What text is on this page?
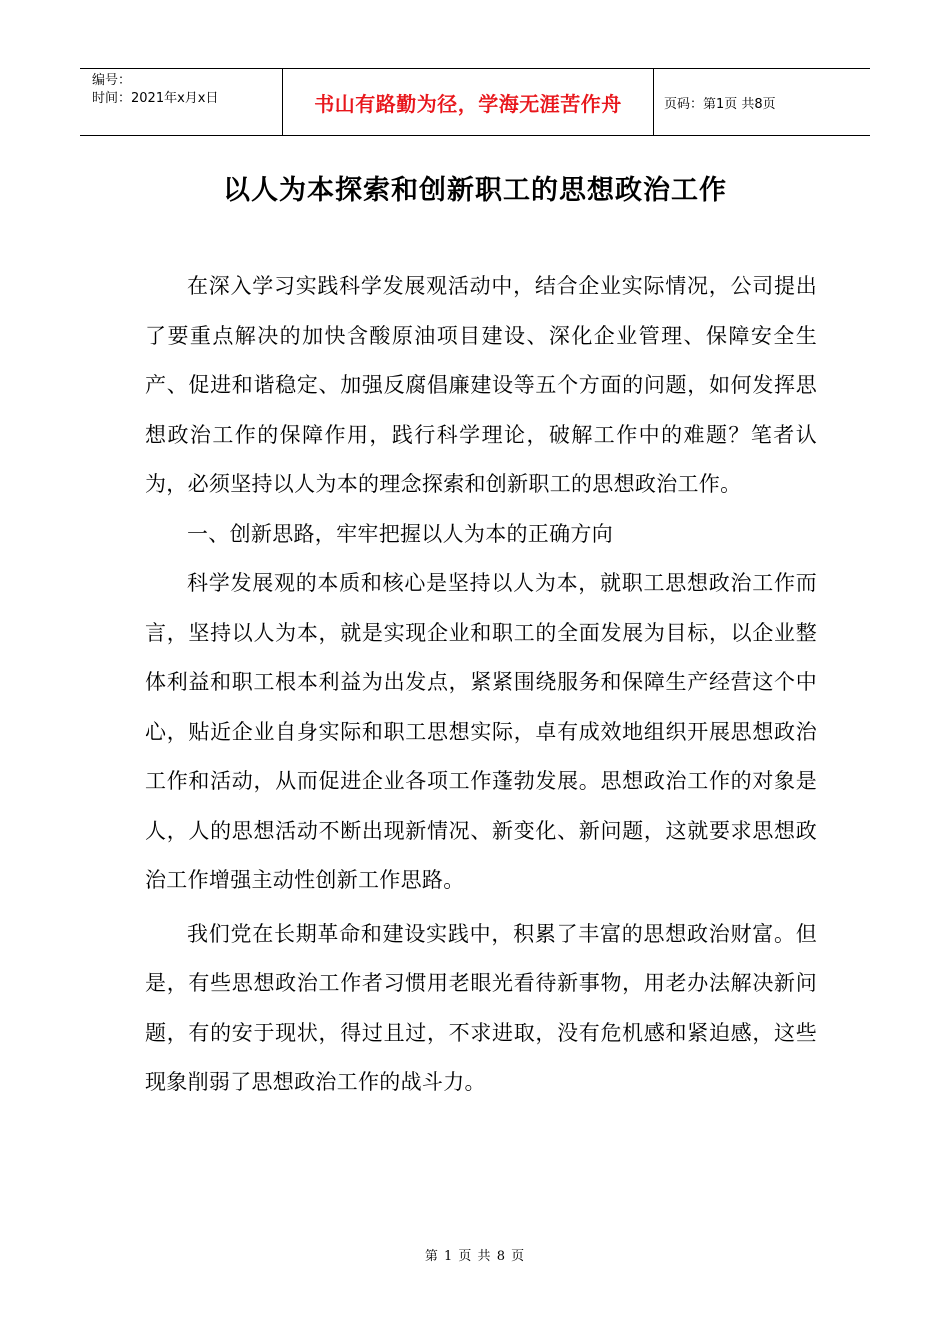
编号：
时间：2021年x月x日	书山有路勤为径，学海无涯苦作舟	页码：第1页 共8页
以人为本探索和创新职工的思想政治工作

在深入学习实践科学发展观活动中，结合企业实际情况，公司提出了要重点解决的加快含酸原油项目建设、深化企业管理、保障安全生产、促进和谐稳定、加强反腐倡廉建设等五个方面的问题，如何发挥思想政治工作的保障作用，践行科学理论，破解工作中的难题？笔者认为，必须坚持以人为本的理念探索和创新职工的思想政治工作。

一、创新思路，牢牢把握以人为本的正确方向

科学发展观的本质和核心是坚持以人为本，就职工思想政治工作而言，坚持以人为本，就是实现企业和职工的全面发展为目标，以企业整体利益和职工根本利益为出发点，紧紧围绕服务和保障生产经营这个中心，贴近企业自身实际和职工思想实际，卓有成效地组织开展思想政治工作和活动，从而促进企业各项工作蓬勃发展。思想政治工作的对象是人，人的思想活动不断出现新情况、新变化、新问题，这就要求思想政治工作增强主动性创新工作思路。

我们党在长期革命和建设实践中，积累了丰富的思想政治财富。但是，有些思想政治工作者习惯用老眼光看待新事物，用老办法解决新问题，有的安于现状，得过且过，不求进取，没有危机感和紧迫感，这些现象削弱了思想政治工作的战斗力。

第 1 页 共 8 页
